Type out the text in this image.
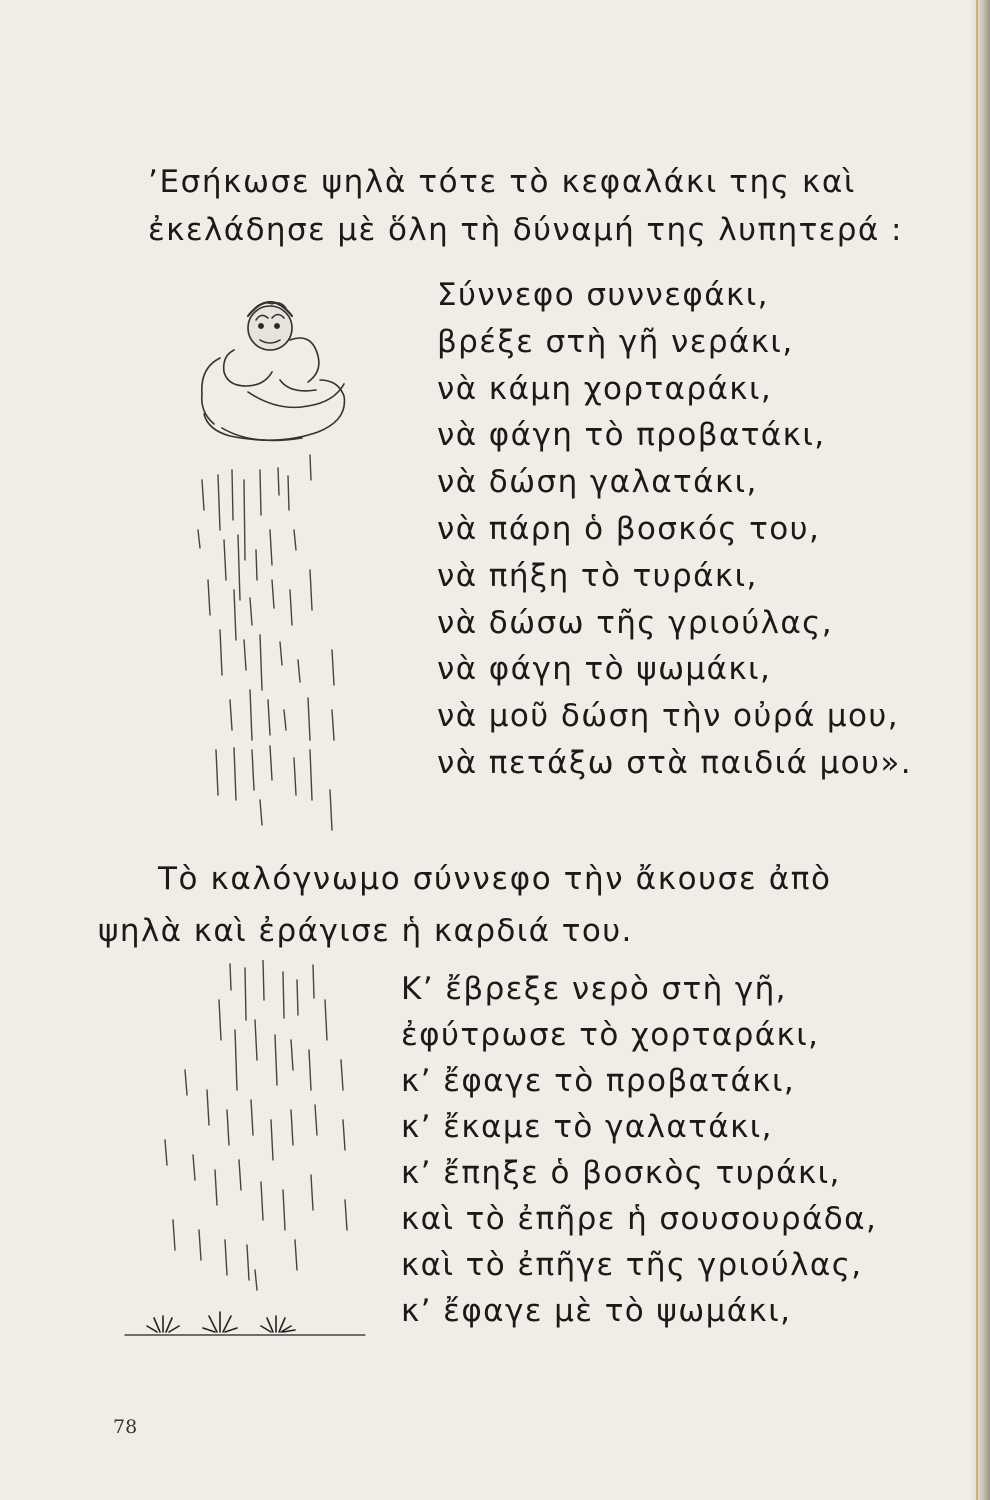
’Εσήκωσε ψηλὰ τότε τὸ κεφαλάκι της καὶ
ἐκελάδησε μὲ ὅλη τὴ δύναμή της λυπητερά :
Σύννεφο συννεφάκι,
βρέξε στὴ γῆ νεράκι,
νὰ κάμη χορταράκι,
νὰ φάγη τὸ προβατάκι,
νὰ δώση γαλατάκι,
νὰ πάρη ὁ βοσκός του,
νὰ πήξη τὸ τυράκι,
νὰ δώσω τῆς γριούλας,
νὰ φάγη τὸ ψωμάκι,
νὰ μοῦ δώση τὴν οὐρά μου,
νὰ πετάξω στὰ παιδιά μου».
Τὸ καλόγνωμο σύννεφο τὴν ἄκουσε ἀπὸ
ψηλὰ καὶ ἐράγισε ἡ καρδιά του.
Κ’ ἔβρεξε νερὸ στὴ γῆ,
ἐφύτρωσε τὸ χορταράκι,
κ’ ἔφαγε τὸ προβατάκι,
κ’ ἔκαμε τὸ γαλατάκι,
κ’ ἔπηξε ὁ βοσκὸς τυράκι,
καὶ τὸ ἐπῆρε ἡ σουσουράδα,
καὶ τὸ ἐπῆγε τῆς γριούλας,
κ’ ἔφαγε μὲ τὸ ψωμάκι,
78
